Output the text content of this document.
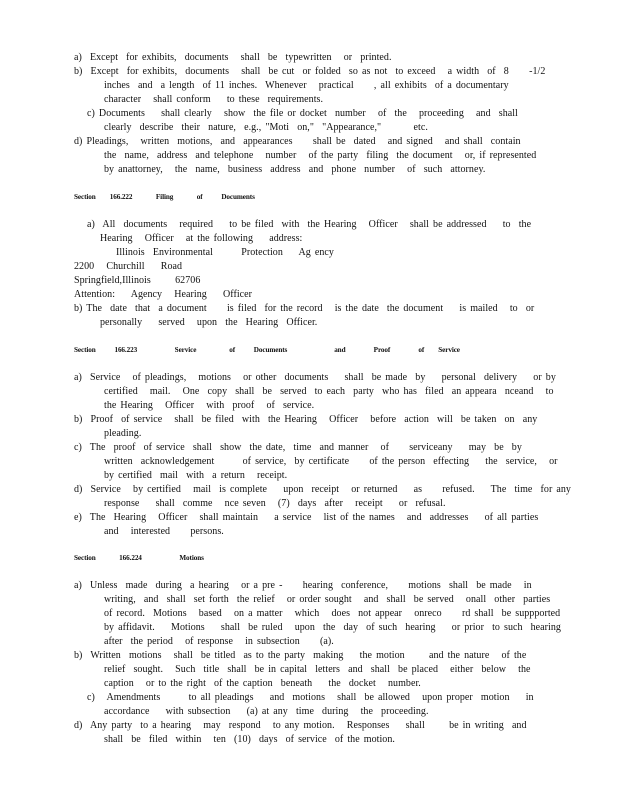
a)  Except  for exhibits,  documents   shall  be  typewritten   or  printed.
b)  Except  for exhibits,  documents   shall  be cut  or folded  so as not  to exceed   a width  of  8     -1/2
inches  and  a length  of 11 inches.  Whenever   practical     , all exhibits  of a documentary
character   shall conform    to these  requirements.
c) Documents    shall clearly   show  the file or docket  number   of  the   proceeding   and  shall
clearly  describe  their  nature,  e.g., "Moti  on,"  "Appearance,"        etc.
d) Pleadings,   written  motions,  and  appearances     shall be  dated   and signed   and shall  contain
the  name,  address  and telephone   number   of the party  filing  the document   or, if represented
by anattorney,   the  name,  business  address  and  phone  number   of  such  attorney.
Section   166.222     Filing     of    Documents
a)  All  documents   required    to be filed  with  the Hearing   Officer   shall be addressed    to  the
Hearing   Officer   at the following    address:
Illinois  Environmental       Protection    Ag ency
2200   Churchill    Road
Springfield,Illinois      62706
Attention:    Agency   Hearing    Officer
b) The  date  that  a document     is filed  for the record   is the date  the document    is mailed   to  or
personally    served   upon  the  Hearing  Officer.
Section    166.223        Service       of    Documents          and      Proof      of   Service
a)  Service   of pleadings,   motions   or other  documents    shall  be made  by    personal  delivery    or by
certified   mail.   One  copy  shall  be  served  to each  party  who has  filed  an appeara  nceand   to
the Hearing   Officer   with  proof   of  service.
b)  Proof  of service   shall  be filed  with  the Hearing   Officer   before  action  will  be taken  on  any
pleading.
c)  The  proof  of service  shall  show  the date,  time  and manner   of     serviceany    may  be  by
written  acknowledgement       of service,  by certificate     of the person  effecting    the  service,   or
by certified  mail  with  a return   receipt.
d)  Service   by certified   mail  is complete    upon  receipt   or returned    as     refused.    The  time  for any
response    shall  comme   nce seven   (7)  days  after   receipt    or  refusal.
e)  The  Hearing   Officer   shall maintain    a service   list of the names   and  addresses    of all parties
and   interested     persons.
Section     166.224        Motions
a)  Unless  made  during  a hearing   or a pre -     hearing  conference,     motions  shall  be made   in
writing,  and  shall  set forth  the relief   or order sought   and  shall  be served   onall  other  parties
of record.  Motions   based   on a matter   which   does  not appear   onreco     rd shall  be suppported
by affidavit.    Motions    shall  be ruled   upon  the  day  of such  hearing    or prior  to such  hearing
after  the period   of response   in subsection     (a).
b)  Written  motions   shall  be titled  as to the party  making    the motion      and the nature   of the
relief  sought.   Such  title  shall  be in capital  letters  and  shall  be placed   either  below   the
caption   or to the right  of the caption  beneath    the  docket   number.
c)   Amendments       to all pleadings    and  motions   shall  be allowed   upon proper  motion    in
accordance    with subsection    (a) at any  time  during   the  proceeding.
d)  Any party  to a hearing   may  respond   to any motion.   Responses    shall      be in writing  and
shall  be  filed  within   ten  (10)  days  of service  of the motion.
